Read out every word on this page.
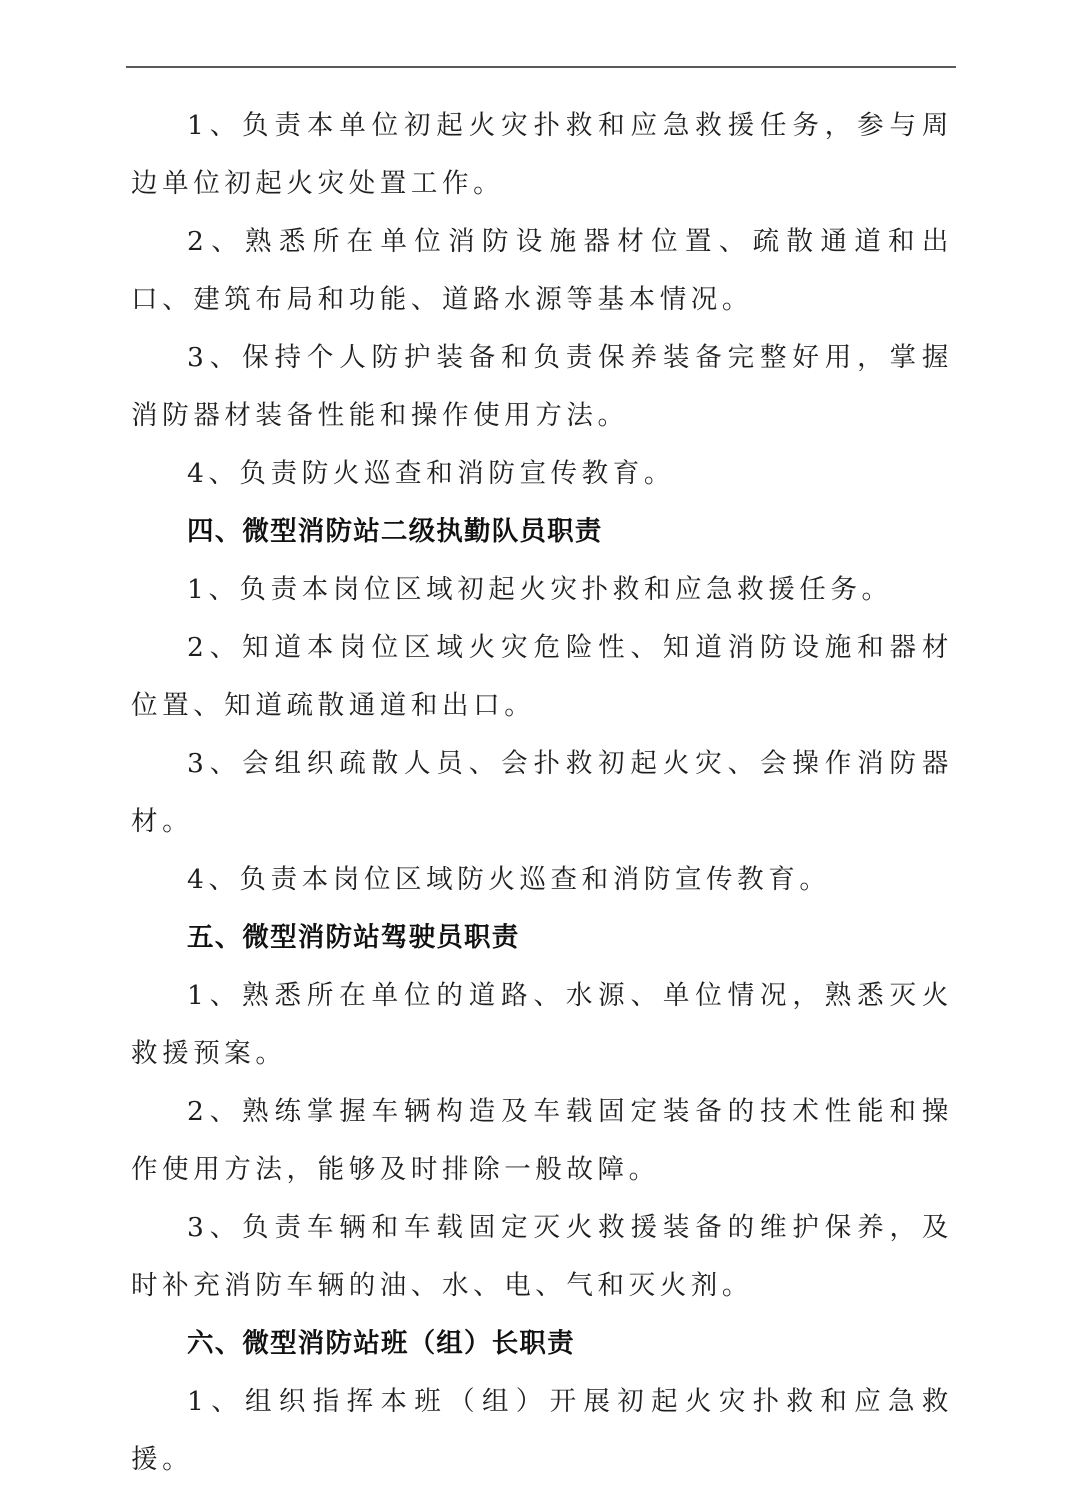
1、负责本单位初起火灾扑救和应急救援任务，参与周边单位初起火灾处置工作。

2、熟悉所在单位消防设施器材位置、疏散通道和出口、建筑布局和功能、道路水源等基本情况。

3、保持个人防护装备和负责保养装备完整好用，掌握消防器材装备性能和操作使用方法。

4、负责防火巡查和消防宣传教育。

四、微型消防站二级执勤队员职责

1、负责本岗位区域初起火灾扑救和应急救援任务。

2、知道本岗位区域火灾危险性、知道消防设施和器材位置、知道疏散通道和出口。

3、会组织疏散人员、会扑救初起火灾、会操作消防器材。

4、负责本岗位区域防火巡查和消防宣传教育。

五、微型消防站驾驶员职责

1、熟悉所在单位的道路、水源、单位情况，熟悉灭火救援预案。

2、熟练掌握车辆构造及车载固定装备的技术性能和操作使用方法，能够及时排除一般故障。

3、负责车辆和车载固定灭火救援装备的维护保养，及时补充消防车辆的油、水、电、气和灭火剂。

六、微型消防站班（组）长职责

1、组织指挥本班（组）开展初起火灾扑救和应急救援。
